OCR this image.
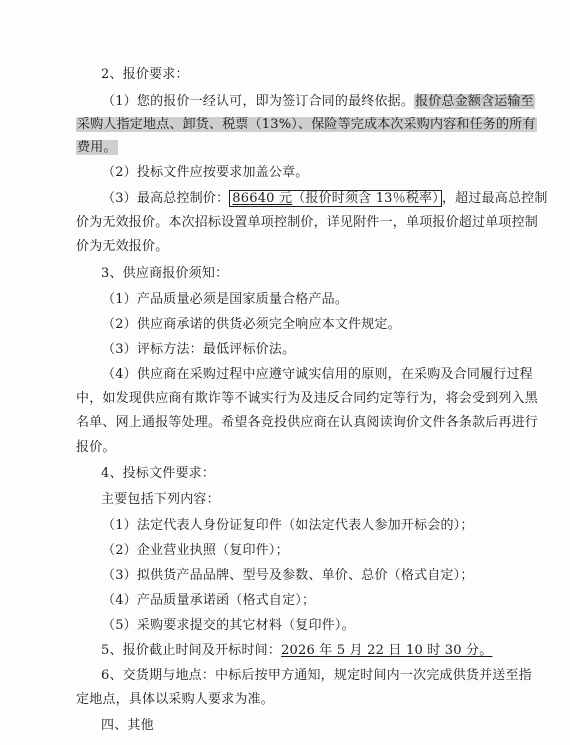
2、报价要求：
（1）您的报价一经认可，即为签订合同的最终依据。报价总金额含运输至
采购人指定地点、卸货、税票（13%）、保险等完成本次采购内容和任务的所有
费用。
（2）投标文件应按要求加盖公章。
（3）最高总控制价： 86640 元（报价时须含 13％税率） ，超过最高总控制
价为无效报价。本次招标设置单项控制价，详见附件一，单项报价超过单项控制
价为无效报价。
3、供应商报价须知：
（1）产品质量必须是国家质量合格产品。
（2）供应商承诺的供货必须完全响应本文件规定。
（3）评标方法：最低评标价法。
（4）供应商在采购过程中应遵守诚实信用的原则，在采购及合同履行过程
中，如发现供应商有欺诈等不诚实行为及违反合同约定等行为，将会受到列入黑
名单、网上通报等处理。希望各竞投供应商在认真阅读询价文件各条款后再进行
报价。
4、投标文件要求：
主要包括下列内容：
（1）法定代表人身份证复印件（如法定代表人参加开标会的）；
（2）企业营业执照（复印件）；
（3）拟供货产品品牌、型号及参数、单价、总价（格式自定）；
（4）产品质量承诺函（格式自定）；
（5）采购要求提交的其它材料（复印件）。
5、报价截止时间及开标时间：2026 年 5 月 22 日 10 时 30 分。
6、交货期与地点：中标后按甲方通知，规定时间内一次完成供货并送至指
定地点，具体以采购人要求为准。
四、其他
